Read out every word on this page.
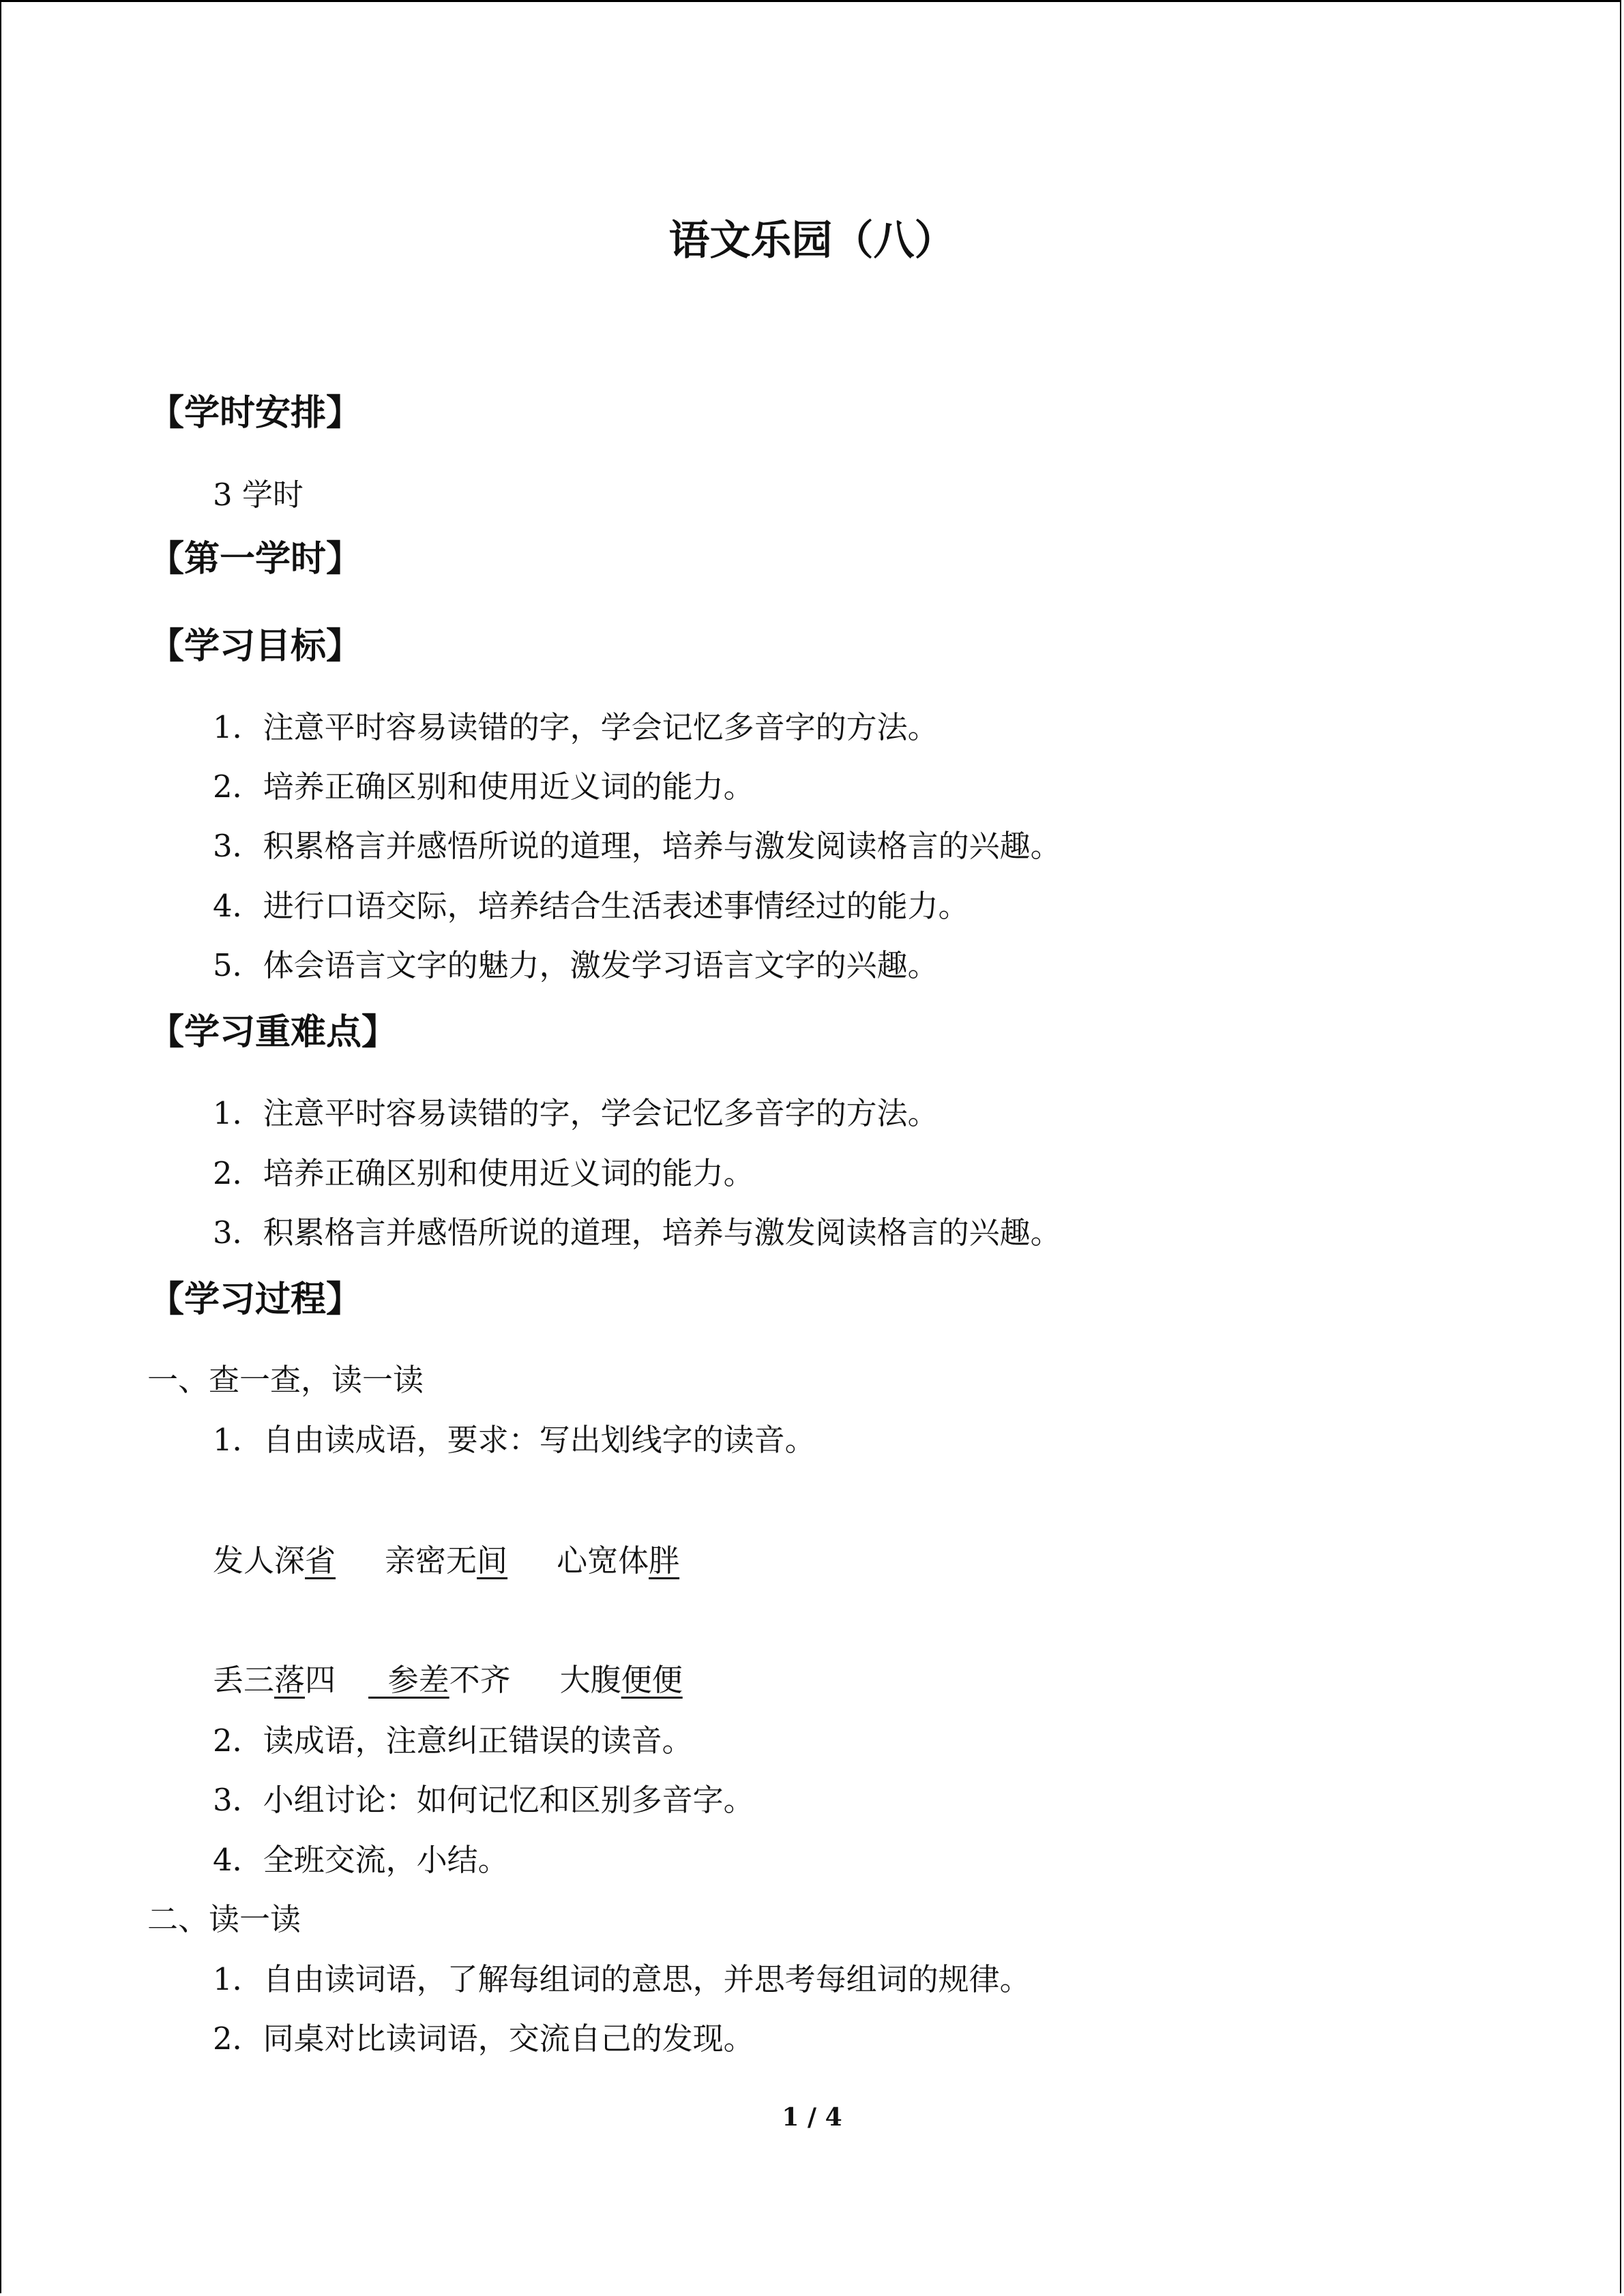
语文乐园（八）
【学时安排】
3 学时
【第一学时】
【学习目标】
1．注意平时容易读错的字，学会记忆多音字的方法。
2．培养正确区别和使用近义词的能力。
3．积累格言并感悟所说的道理，培养与激发阅读格言的兴趣。
4．进行口语交际，培养结合生活表述事情经过的能力。
5．体会语言文字的魅力，激发学习语言文字的兴趣。
【学习重难点】
1．注意平时容易读错的字，学会记忆多音字的方法。
2．培养正确区别和使用近义词的能力。
3．积累格言并感悟所说的道理，培养与激发阅读格言的兴趣。
【学习过程】
一、查一查，读一读
1．自由读成语，要求：写出划线字的读音。
发人深省 亲密无间 心宽体胖
丢三落四  参差不齐 大腹便便
2．读成语，注意纠正错误的读音。
3．小组讨论：如何记忆和区别多音字。
4．全班交流，小结。
二、读一读
1．自由读词语，了解每组词的意思，并思考每组词的规律。
2．同桌对比读词语，交流自己的发现。
1 / 4
